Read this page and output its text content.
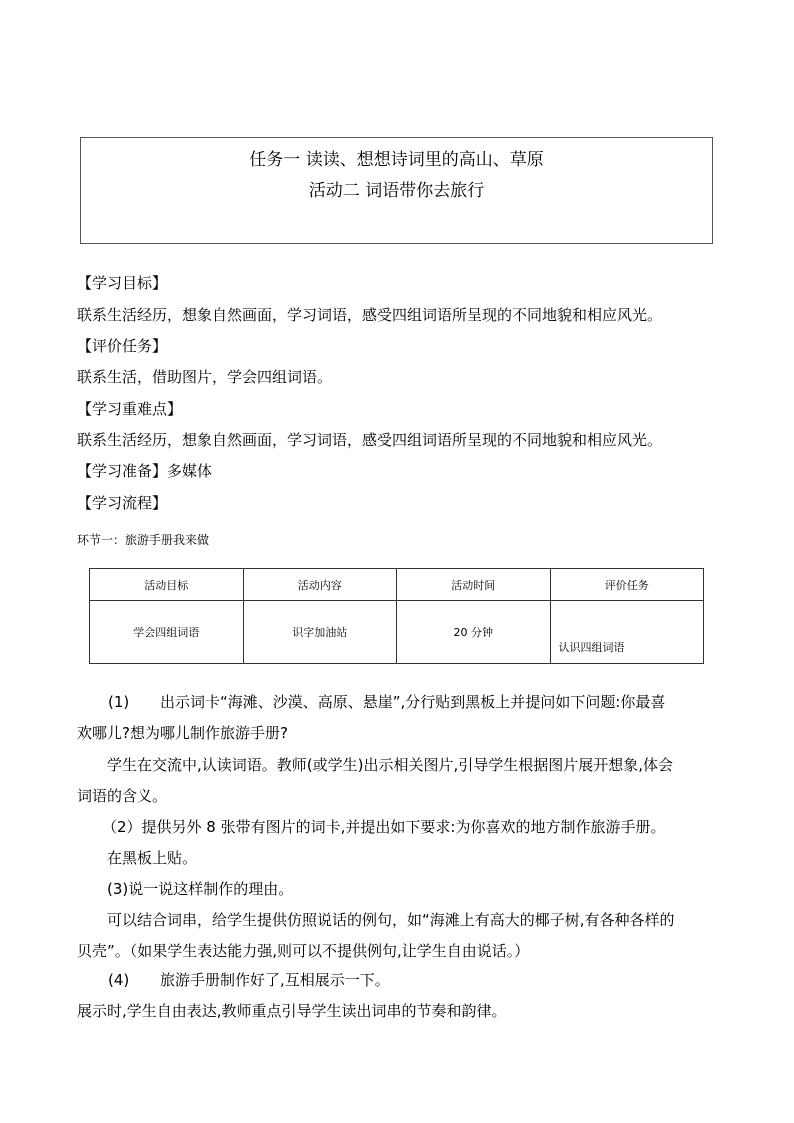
任务一 读读、想想诗词里的高山、草原
活动二 词语带你去旅行
【学习目标】
联系生活经历，想象自然画面，学习词语，感受四组词语所呈现的不同地貌和相应风光。
【评价任务】
联系生活，借助图片，学会四组词语。
【学习重难点】
联系生活经历，想象自然画面，学习词语，感受四组词语所呈现的不同地貌和相应风光。
【学习准备】多媒体
【学习流程】
环节一：旅游手册我来做
活动目标	活动内容	活动时间	评价任务
学会四组词语	识字加油站	20 分钟	认识四组词语
(1) 出示词卡“海滩、沙漠、高原、悬崖”,分行贴到黑板上并提问如下问题:你最喜
欢哪儿?想为哪儿制作旅游手册?
学生在交流中,认读词语。教师(或学生)出示相关图片,引导学生根据图片展开想象,体会
词语的含义。
（2）提供另外 8 张带有图片的词卡,并提出如下要求:为你喜欢的地方制作旅游手册。
在黑板上贴。
(3)说一说这样制作的理由。
可以结合词串，给学生提供仿照说话的例句，如“海滩上有高大的椰子树,有各种各样的
贝壳”。（如果学生表达能力强,则可以不提供例句,让学生自由说话。）
(4) 旅游手册制作好了,互相展示一下。
展示时,学生自由表达,教师重点引导学生读出词串的节奏和韵律。
